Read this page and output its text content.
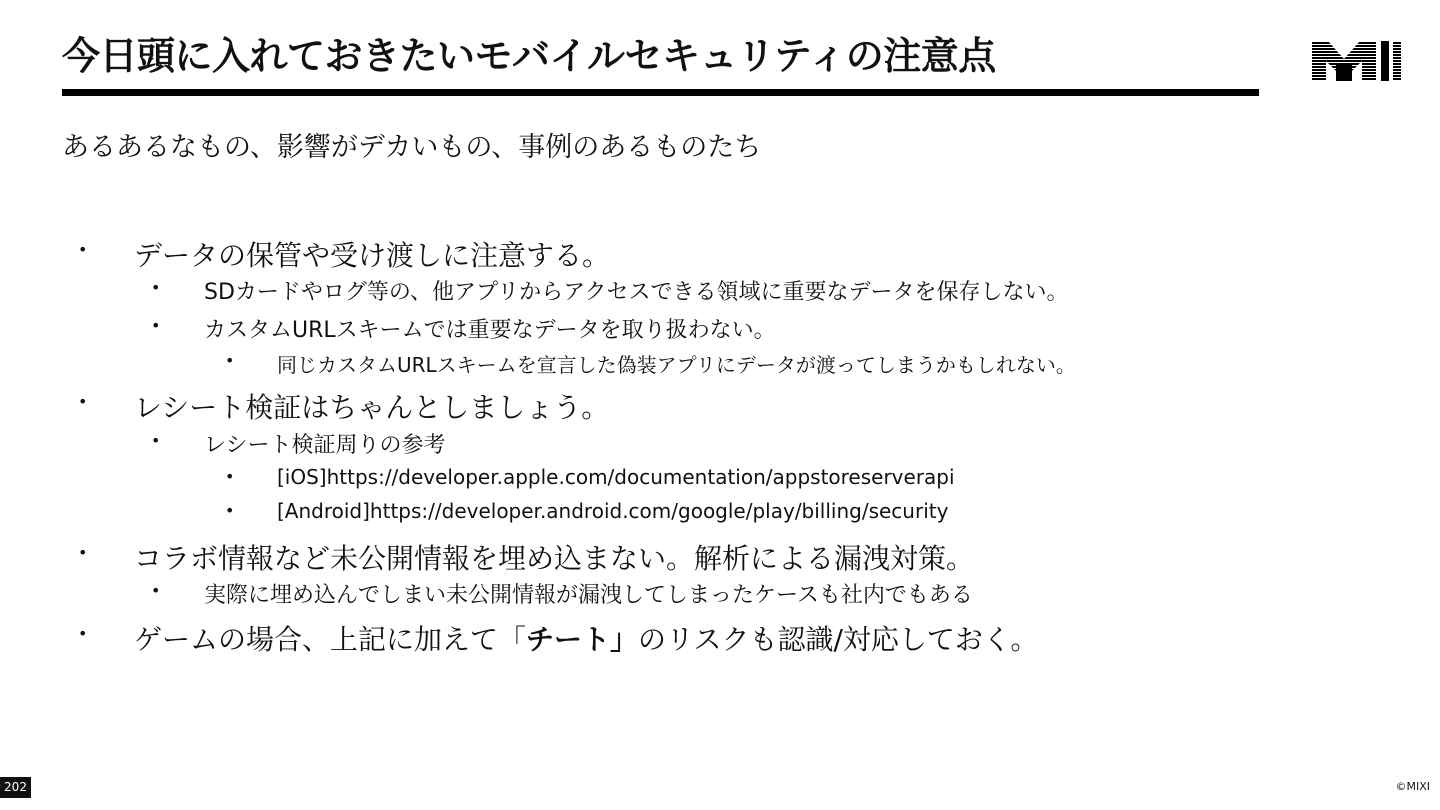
今日頭に入れておきたいモバイルセキュリティの注意点
あるあるなもの、影響がデカいもの、事例のあるものたち
• データの保管や受け渡しに注意する。
• SDカードやログ等の、他アプリからアクセスできる領域に重要なデータを保存しない。
• カスタムURLスキームでは重要なデータを取り扱わない。
• 同じカスタムURLスキームを宣言した偽装アプリにデータが渡ってしまうかもしれない。
• レシート検証はちゃんとしましょう。
• レシート検証周りの参考
• [iOS]https://developer.apple.com/documentation/appstoreserverapi
• [Android]https://developer.android.com/google/play/billing/security
• コラボ情報など未公開情報を埋め込まない。解析による漏洩対策。
• 実際に埋め込んでしまい未公開情報が漏洩してしまったケースも社内でもある
• ゲームの場合、上記に加えて「 チート」 のリスクも認識/対応しておく。
202	©MIXI
